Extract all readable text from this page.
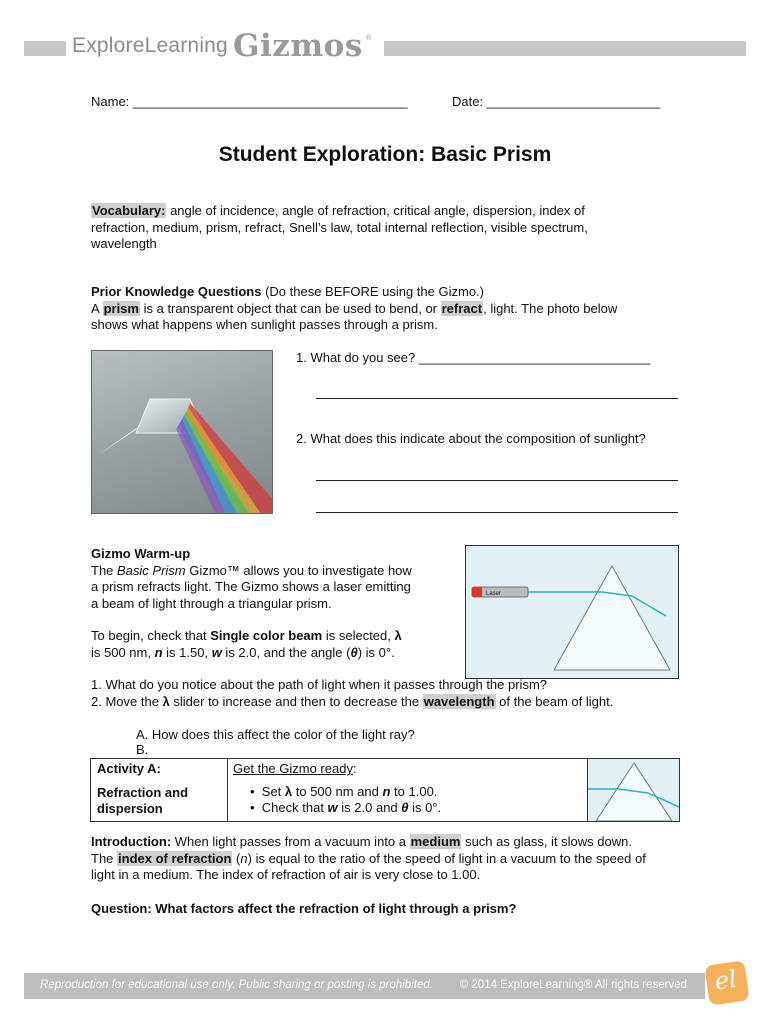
ExploreLearning Gizmos ®
Name: ______________________________________	Date: ________________________
Student Exploration: Basic Prism
Vocabulary: angle of incidence, angle of refraction, critical angle, dispersion, index of
refraction, medium, prism, refract, Snell’s law, total internal reflection, visible spectrum,
wavelength
Prior Knowledge Questions (Do these BEFORE using the Gizmo.)
A prism is a transparent object that can be used to bend, or refract, light. The photo below
shows what happens when sunlight passes through a prism.
1. What do you see? ________________________________
2. What does this indicate about the composition of sunlight?
Gizmo Warm-up
The Basic Prism Gizmo™ allows you to investigate how
a prism refracts light. The Gizmo shows a laser emitting
a beam of light through a triangular prism.
To begin, check that Single color beam is selected, λ
is 500 nm, n is 1.50, w is 2.0, and the angle (θ) is 0°.
Laser
1. What do you notice about the path of light when it passes through the prism?
2. Move the λ slider to increase and then to decrease the wavelength of the beam of light.
A. How does this affect the color of the light ray?
B.
Activity A:
Refraction and
dispersion
Get the Gizmo ready:
•  Set λ to 500 nm and n to 1.00.
•  Check that w is 2.0 and θ is 0°.
Introduction: When light passes from a vacuum into a medium such as glass, it slows down.
The index of refraction (n) is equal to the ratio of the speed of light in a vacuum to the speed of
light in a medium. The index of refraction of air is very close to 1.00.
Question: What factors affect the refraction of light through a prism?
Reproduction for educational use only. Public sharing or posting is prohibited. © 2014 ExploreLearning® All rights reserved el
